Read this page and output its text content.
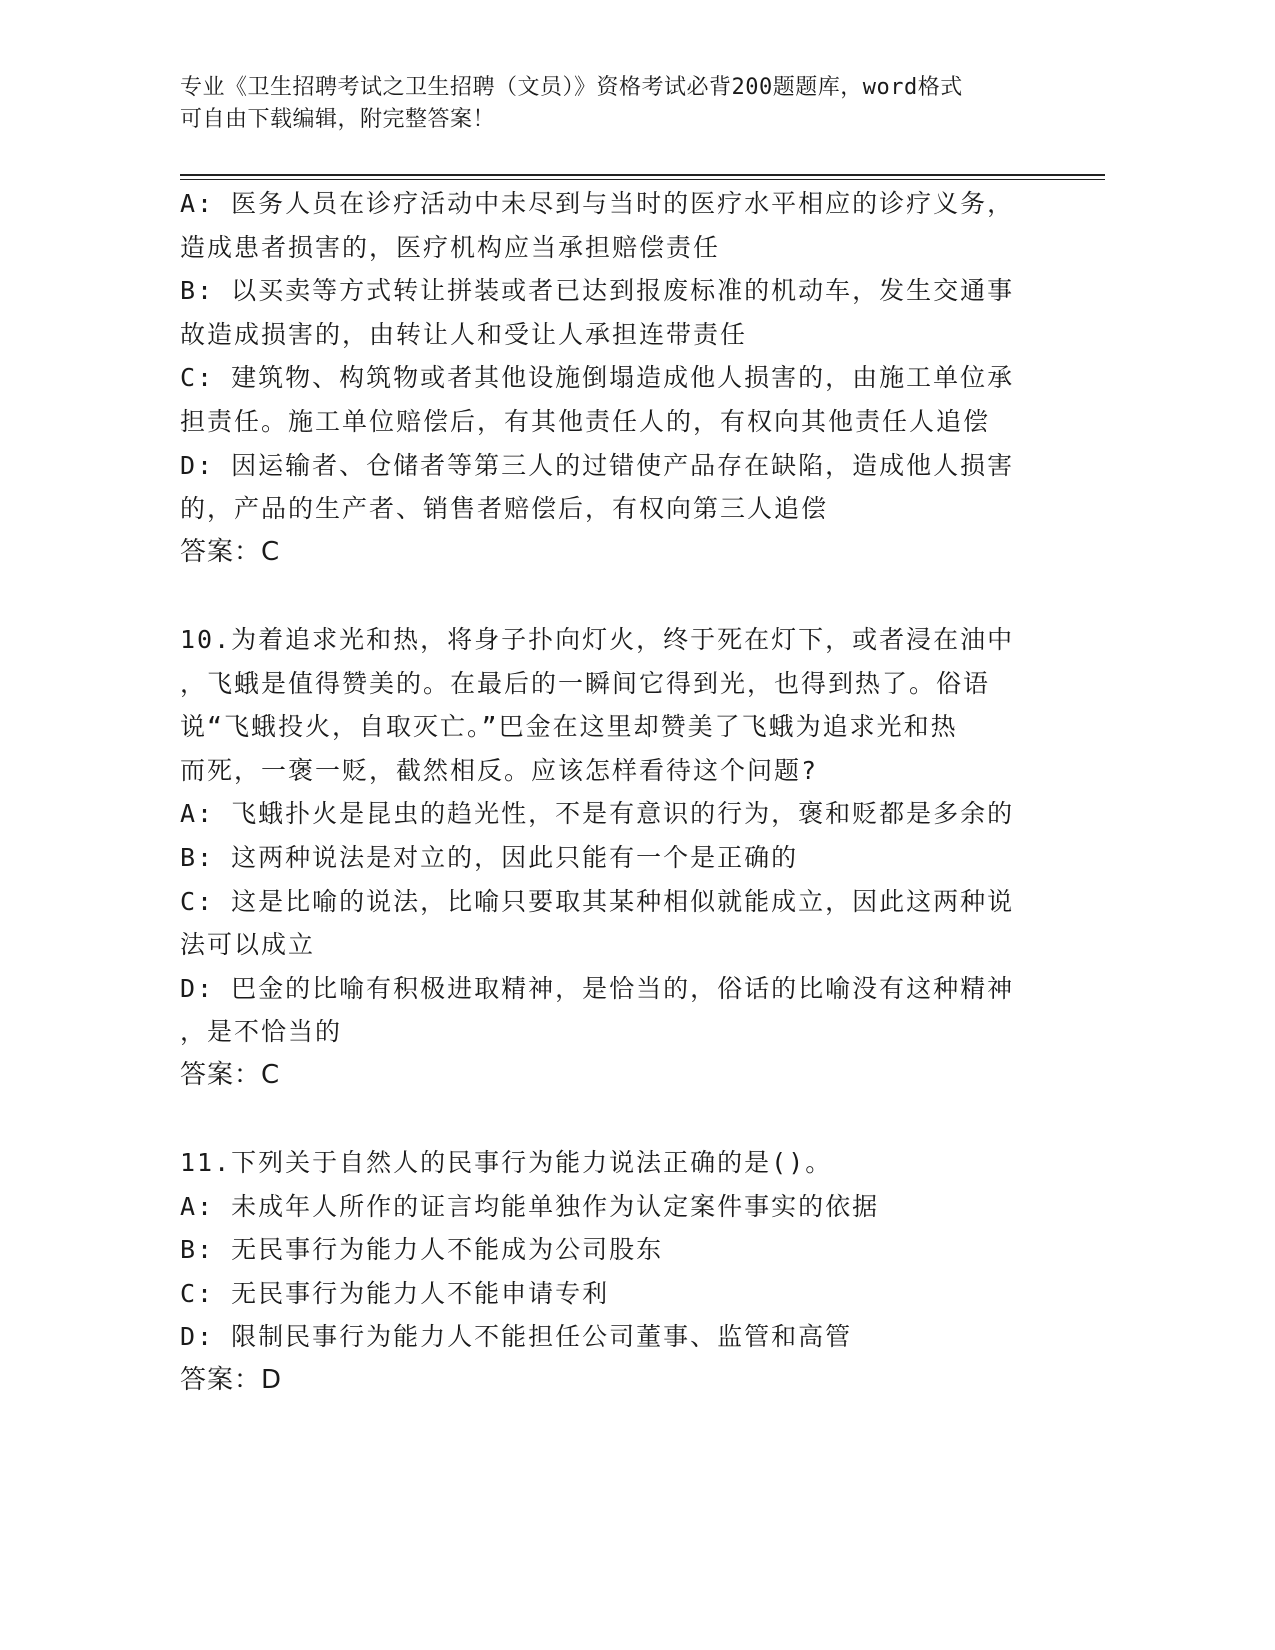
专业《卫生招聘考试之卫生招聘（文员）》资格考试必背200题题库，word格式
可自由下载编辑，附完整答案！
A: 医务人员在诊疗活动中未尽到与当时的医疗水平相应的诊疗义务，
造成患者损害的，医疗机构应当承担赔偿责任
B: 以买卖等方式转让拼装或者已达到报废标准的机动车，发生交通事
故造成损害的，由转让人和受让人承担连带责任
C: 建筑物、构筑物或者其他设施倒塌造成他人损害的，由施工单位承
担责任。施工单位赔偿后，有其他责任人的，有权向其他责任人追偿
D: 因运输者、仓储者等第三人的过错使产品存在缺陷，造成他人损害
的，产品的生产者、销售者赔偿后，有权向第三人追偿
答案：C
10.为着追求光和热，将身子扑向灯火，终于死在灯下，或者浸在油中
，飞蛾是值得赞美的。在最后的一瞬间它得到光，也得到热了。俗语
说“飞蛾投火，自取灭亡。”巴金在这里却赞美了飞蛾为追求光和热
而死，一褒一贬，截然相反。应该怎样看待这个问题?
A: 飞蛾扑火是昆虫的趋光性，不是有意识的行为，褒和贬都是多余的
B: 这两种说法是对立的，因此只能有一个是正确的
C: 这是比喻的说法，比喻只要取其某种相似就能成立，因此这两种说
法可以成立
D: 巴金的比喻有积极进取精神，是恰当的，俗话的比喻没有这种精神
，是不恰当的
答案：C
11.下列关于自然人的民事行为能力说法正确的是()。
A: 未成年人所作的证言均能单独作为认定案件事实的依据
B: 无民事行为能力人不能成为公司股东
C: 无民事行为能力人不能申请专利
D: 限制民事行为能力人不能担任公司董事、监管和高管
答案：D
